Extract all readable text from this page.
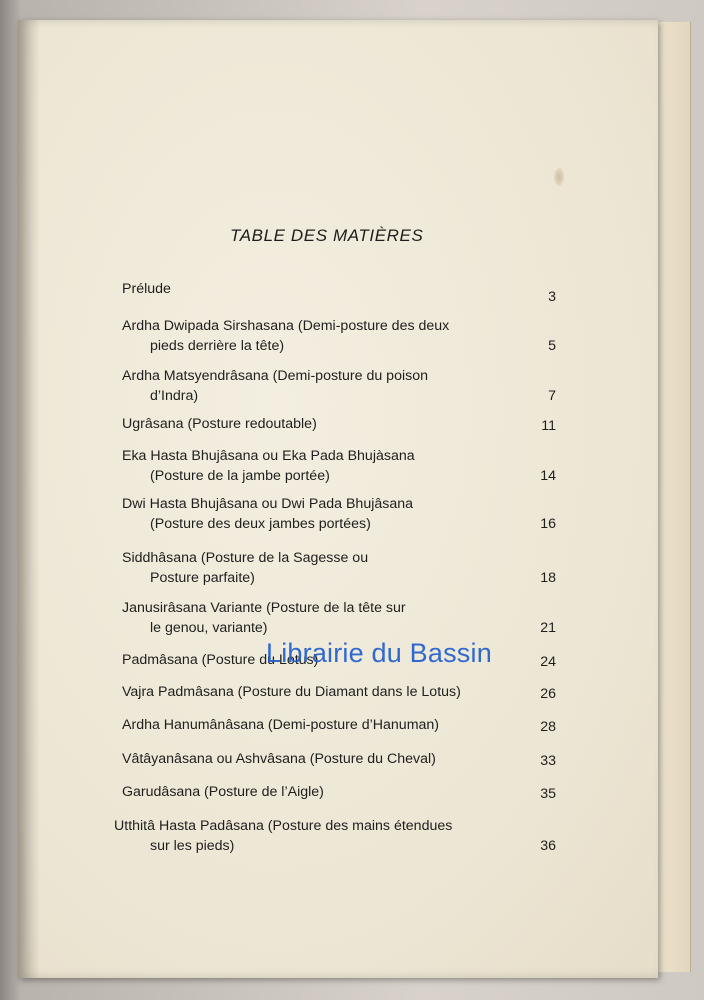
TABLE DES MATIÈRES
Prélude	3
Ardha Dwipada Sirshasana (Demi-posture des deux
pieds derrière la tête)	5
Ardha Matsyendrâsana (Demi-posture du poison
d’Indra)	7
Ugrâsana (Posture redoutable)	11
Eka Hasta Bhujâsana ou Eka Pada Bhujàsana
(Posture de la jambe portée)	14
Dwi Hasta Bhujâsana ou Dwi Pada Bhujâsana
(Posture des deux jambes portées)	16
Siddhâsana (Posture de la Sagesse ou
Posture parfaite)	18
Janusirâsana Variante (Posture de la tête sur
le genou, variante)	21
Padmâsana (Posture du Lotus)	24
Vajra Padmâsana (Posture du Diamant dans le Lotus)	26
Ardha Hanumânâsana (Demi-posture d’Hanuman)	28
Vâtâyanâsana ou Ashvâsana (Posture du Cheval)	33
Garudâsana (Posture de l’Aigle)	35
Utthitâ Hasta Padâsana (Posture des mains étendues
sur les pieds)	36
Librairie du Bassin
